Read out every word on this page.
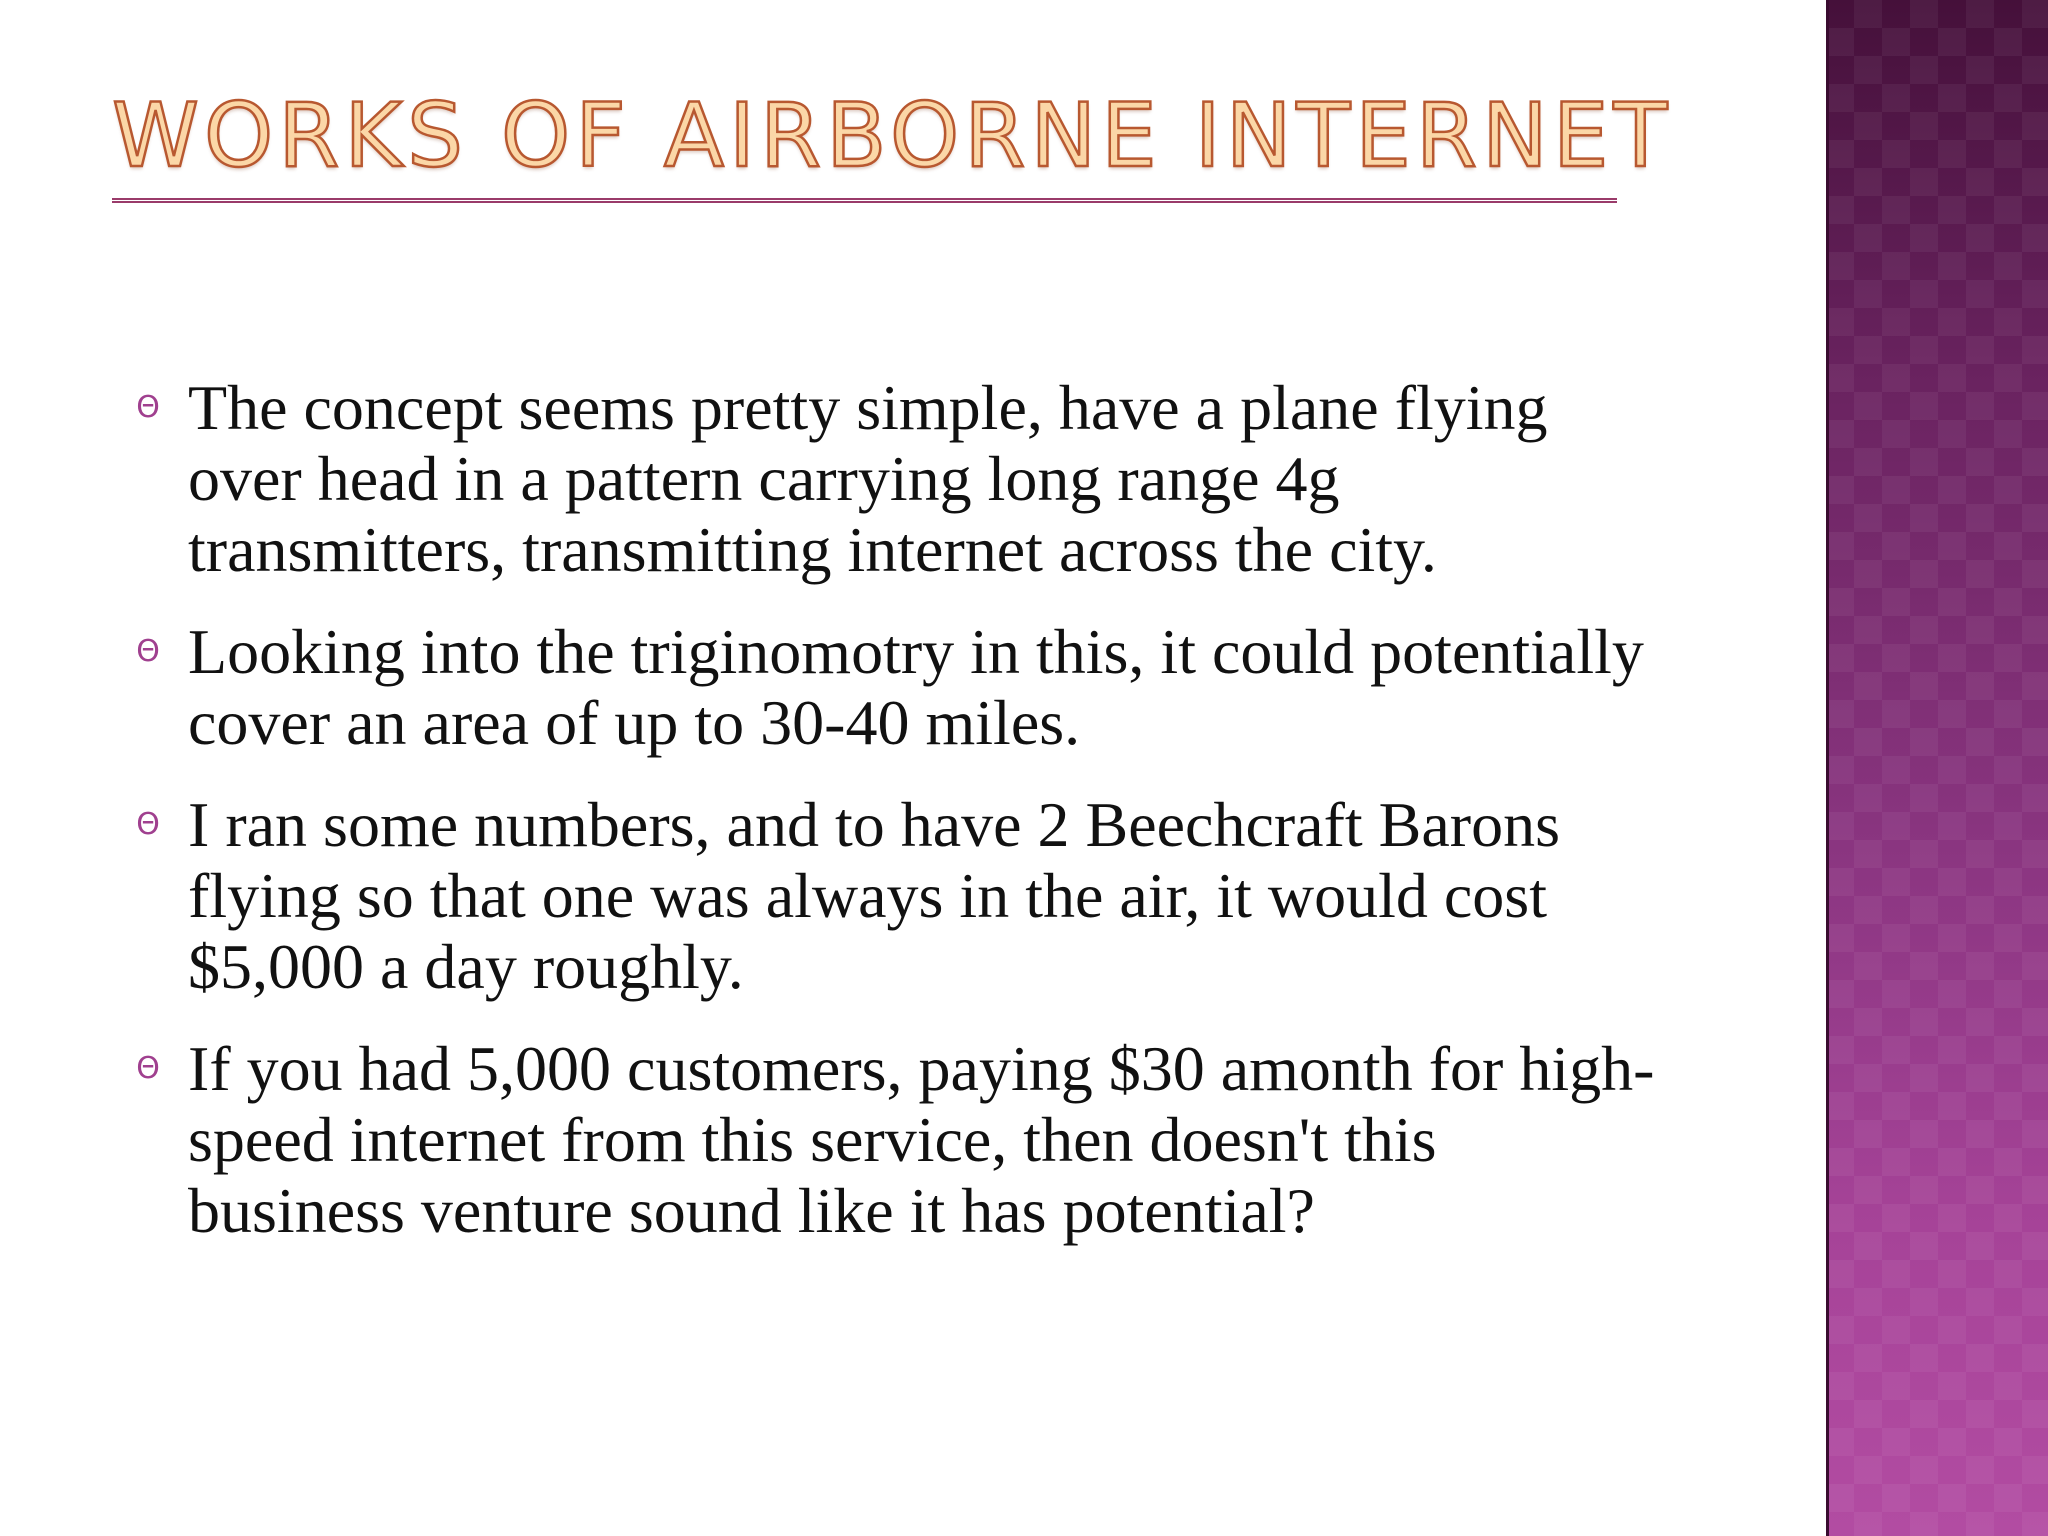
WORKS OF AIRBORNE INTERNET
Θ The concept seems pretty simple, have a plane flying over head in a pattern carrying long range 4g transmitters, transmitting internet across the city.
Θ Looking into the triginomotry in this, it could potentially cover an area of up to 30-40 miles.
Θ I ran some numbers, and to have 2 Beechcraft Barons flying so that one was always in the air, it would cost $5,000 a day roughly.
Θ If you had 5,000 customers, paying $30 amonth for high-speed internet from this service, then doesn't this business venture sound like it has potential?
